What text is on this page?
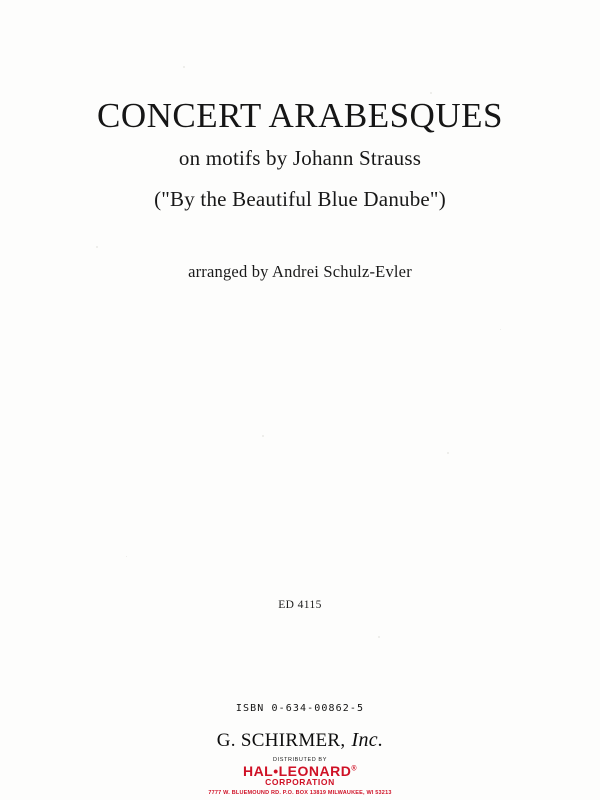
CONCERT ARABESQUES
on motifs by Johann Strauss
("By the Beautiful Blue Danube")
arranged by Andrei Schulz-Evler
ED 4115
ISBN 0-634-00862-5
G. SCHIRMER, Inc.
DISTRIBUTED BY
HAL•LEONARD®
CORPORATION
7777 W. BLUEMOUND RD. P.O. BOX 13819 MILWAUKEE, WI 53213
